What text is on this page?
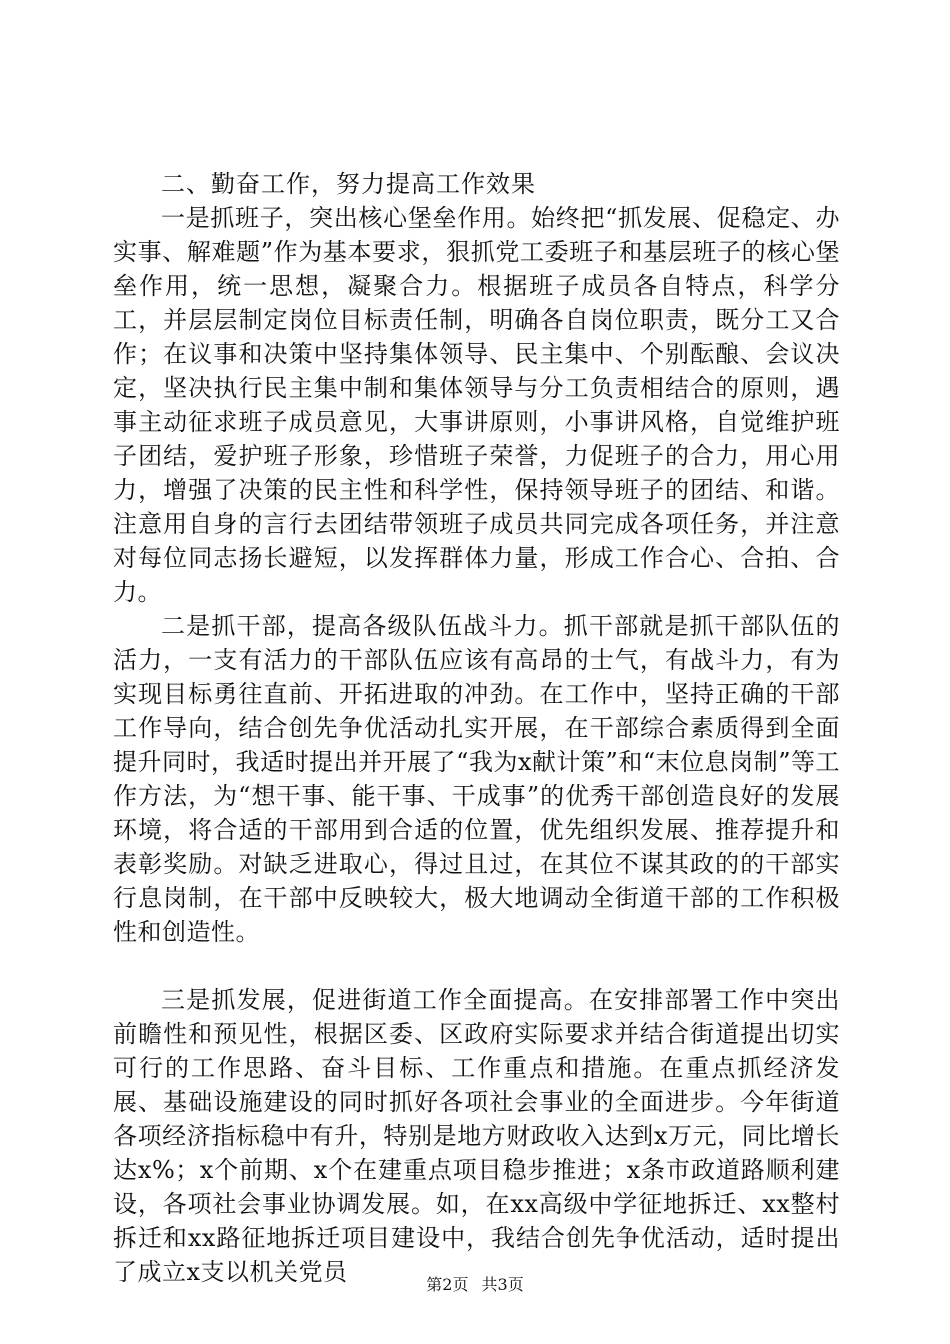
二、勤奋工作，努力提高工作效果

一是抓班子，突出核心堡垒作用。始终把“抓发展、促稳定、办实事、解难题”作为基本要求，狠抓党工委班子和基层班子的核心堡垒作用，统一思想，凝聚合力。根据班子成员各自特点，科学分工，并层层制定岗位目标责任制，明确各自岗位职责，既分工又合作；在议事和决策中坚持集体领导、民主集中、个别酝酿、会议决定，坚决执行民主集中制和集体领导与分工负责相结合的原则，遇事主动征求班子成员意见，大事讲原则，小事讲风格，自觉维护班子团结，爱护班子形象，珍惜班子荣誉，力促班子的合力，用心用力，增强了决策的民主性和科学性，保持领导班子的团结、和谐。注意用自身的言行去团结带领班子成员共同完成各项任务，并注意对每位同志扬长避短，以发挥群体力量，形成工作合心、合拍、合力。

二是抓干部，提高各级队伍战斗力。抓干部就是抓干部队伍的活力，一支有活力的干部队伍应该有高昂的士气，有战斗力，有为实现目标勇往直前、开拓进取的冲劲。在工作中，坚持正确的干部工作导向，结合创先争优活动扎实开展，在干部综合素质得到全面提升同时，我适时提出并开展了“我为x献计策”和“末位息岗制”等工作方法，为“想干事、能干事、干成事”的优秀干部创造良好的发展环境，将合适的干部用到合适的位置，优先组织发展、推荐提升和表彰奖励。对缺乏进取心，得过且过，在其位不谋其政的的干部实行息岗制，在干部中反映较大，极大地调动全街道干部的工作积极性和创造性。

三是抓发展，促进街道工作全面提高。在安排部署工作中突出前瞻性和预见性，根据区委、区政府实际要求并结合街道提出切实可行的工作思路、奋斗目标、工作重点和措施。在重点抓经济发展、基础设施建设的同时抓好各项社会事业的全面进步。今年街道各项经济指标稳中有升，特别是地方财政收入达到x万元，同比增长达x%；x个前期、x个在建重点项目稳步推进；x条市政道路顺利建设，各项社会事业协调发展。如，在xx高级中学征地拆迁、xx整村拆迁和xx路征地拆迁项目建设中，我结合创先争优活动，适时提出了成立x支以机关党员	第2页 共3页
